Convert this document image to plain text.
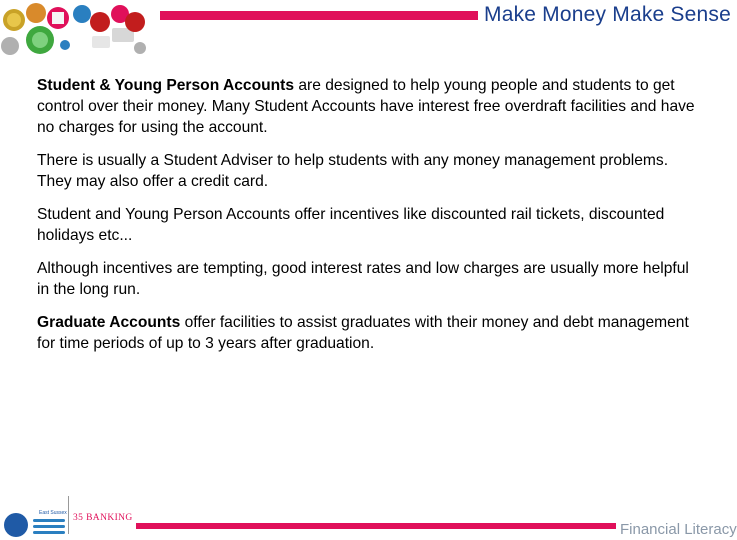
Make Money Make Sense

Student & Young Person Accounts are designed to help young people and students to get control over their money. Many Student Accounts have interest free overdraft facilities and have no charges for using the account.

There is usually a Student Adviser to help students with any money management problems. They may also offer a credit card.

Student and Young Person Accounts offer incentives like discounted rail tickets, discounted holidays etc...

Although incentives are tempting, good interest rates and low charges are usually more helpful in the long run.

Graduate Accounts offer facilities to assist graduates with their money and debt management for time periods of up to 3 years after graduation.

East Sussex 35 BANKING
Financial Literacy
